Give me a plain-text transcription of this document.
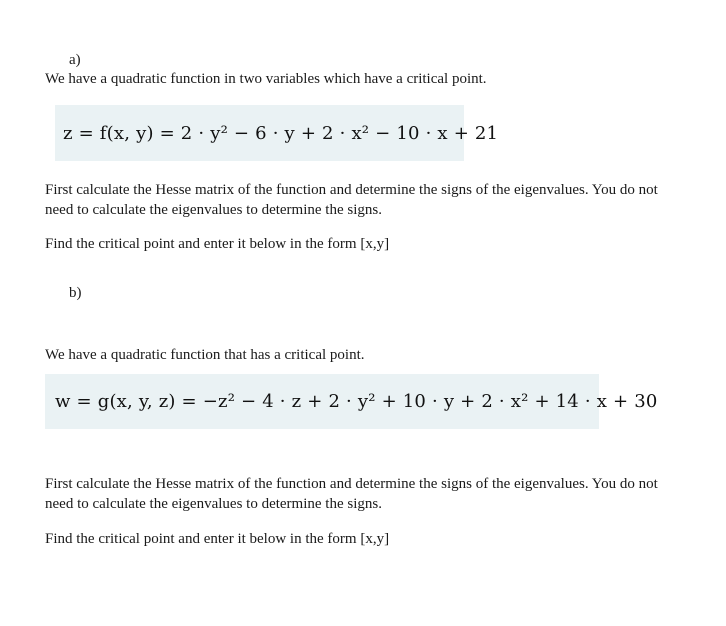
a)
We have a quadratic function in two variables which have a critical point.
z = f(x, y) = 2 · y² − 6 · y + 2 · x² − 10 · x + 21
First calculate the Hesse matrix of the function and determine the signs of the eigenvalues. You do not need to calculate the eigenvalues to determine the signs.
Find the critical point and enter it below in the form [x,y]
b)
We have a quadratic function that has a critical point.
w = g(x, y, z) = −z² − 4 · z + 2 · y² + 10 · y + 2 · x² + 14 · x + 30
First calculate the Hesse matrix of the function and determine the signs of the eigenvalues. You do not need to calculate the eigenvalues to determine the signs.
Find the critical point and enter it below in the form [x,y]
